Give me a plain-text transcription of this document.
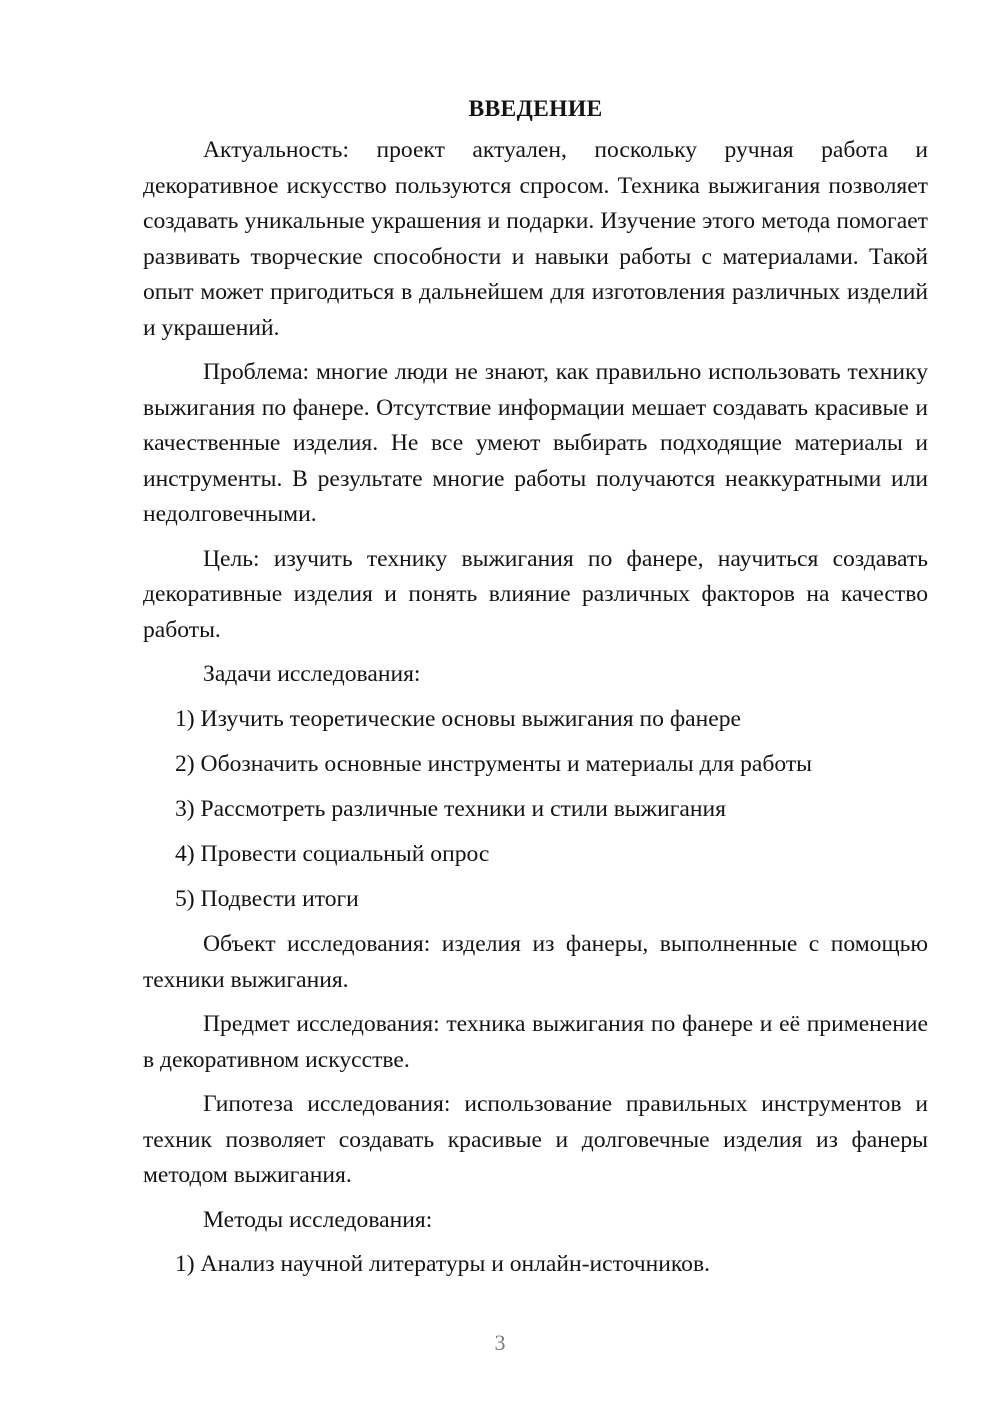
ВВЕДЕНИЕ

Актуальность: проект актуален, поскольку ручная работа и декоративное искусство пользуются спросом. Техника выжигания позволяет создавать уникальные украшения и подарки. Изучение этого метода помогает развивать творческие способности и навыки работы с материалами. Такой опыт может пригодиться в дальнейшем для изготовления различных изделий и украшений.

Проблема: многие люди не знают, как правильно использовать технику выжигания по фанере. Отсутствие информации мешает создавать красивые и качественные изделия. Не все умеют выбирать подходящие материалы и инструменты. В результате многие работы получаются неаккуратными или недолговечными.

Цель: изучить технику выжигания по фанере, научиться создавать декоративные изделия и понять влияние различных факторов на качество работы.

Задачи исследования:

1) Изучить теоретические основы выжигания по фанере
2) Обозначить основные инструменты и материалы для работы
3) Рассмотреть различные техники и стили выжигания
4) Провести социальный опрос
5) Подвести итоги

Объект исследования: изделия из фанеры, выполненные с помощью техники выжигания.

Предмет исследования: техника выжигания по фанере и её применение в декоративном искусстве.

Гипотеза исследования: использование правильных инструментов и техник позволяет создавать красивые и долговечные изделия из фанеры методом выжигания.

Методы исследования:

1) Анализ научной литературы и онлайн-источников.
3
